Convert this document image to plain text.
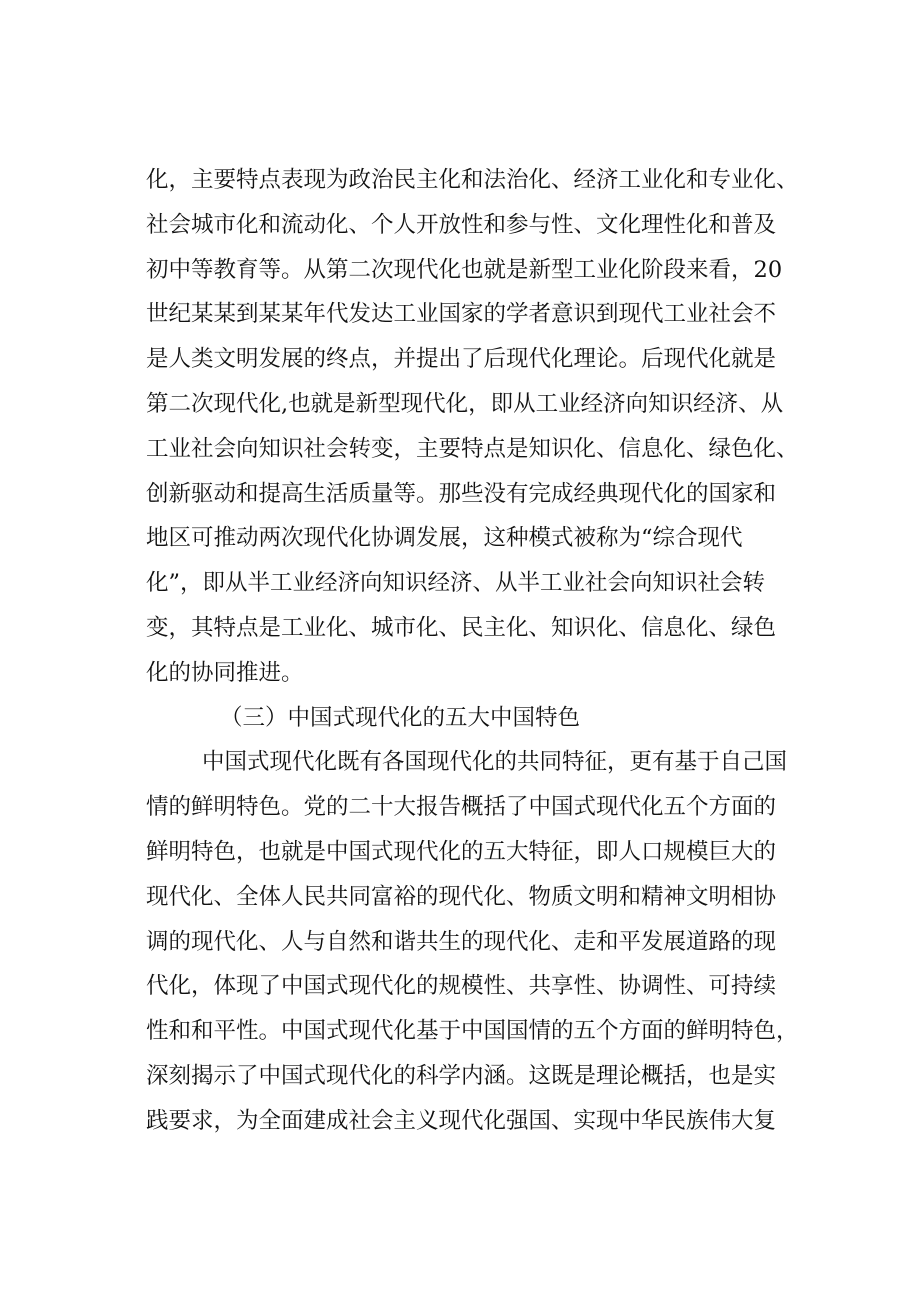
化，主要特点表现为政治民主化和法治化、经济工业化和专业化、
社会城市化和流动化、个人开放性和参与性、文化理性化和普及
初中等教育等。从第二次现代化也就是新型工业化阶段来看，20
世纪某某到某某年代发达工业国家的学者意识到现代工业社会不
是人类文明发展的终点，并提出了后现代化理论。后现代化就是
第二次现代化,也就是新型现代化，即从工业经济向知识经济、从
工业社会向知识社会转变，主要特点是知识化、信息化、绿色化、
创新驱动和提高生活质量等。那些没有完成经典现代化的国家和
地区可推动两次现代化协调发展，这种模式被称为“综合现代
化”，即从半工业经济向知识经济、从半工业社会向知识社会转
变，其特点是工业化、城市化、民主化、知识化、信息化、绿色
化的协同推进。
（三）中国式现代化的五大中国特色
中国式现代化既有各国现代化的共同特征，更有基于自己国
情的鲜明特色。党的二十大报告概括了中国式现代化五个方面的
鲜明特色，也就是中国式现代化的五大特征，即人口规模巨大的
现代化、全体人民共同富裕的现代化、物质文明和精神文明相协
调的现代化、人与自然和谐共生的现代化、走和平发展道路的现
代化，体现了中国式现代化的规模性、共享性、协调性、可持续
性和和平性。中国式现代化基于中国国情的五个方面的鲜明特色，
深刻揭示了中国式现代化的科学内涵。这既是理论概括，也是实
践要求，为全面建成社会主义现代化强国、实现中华民族伟大复
